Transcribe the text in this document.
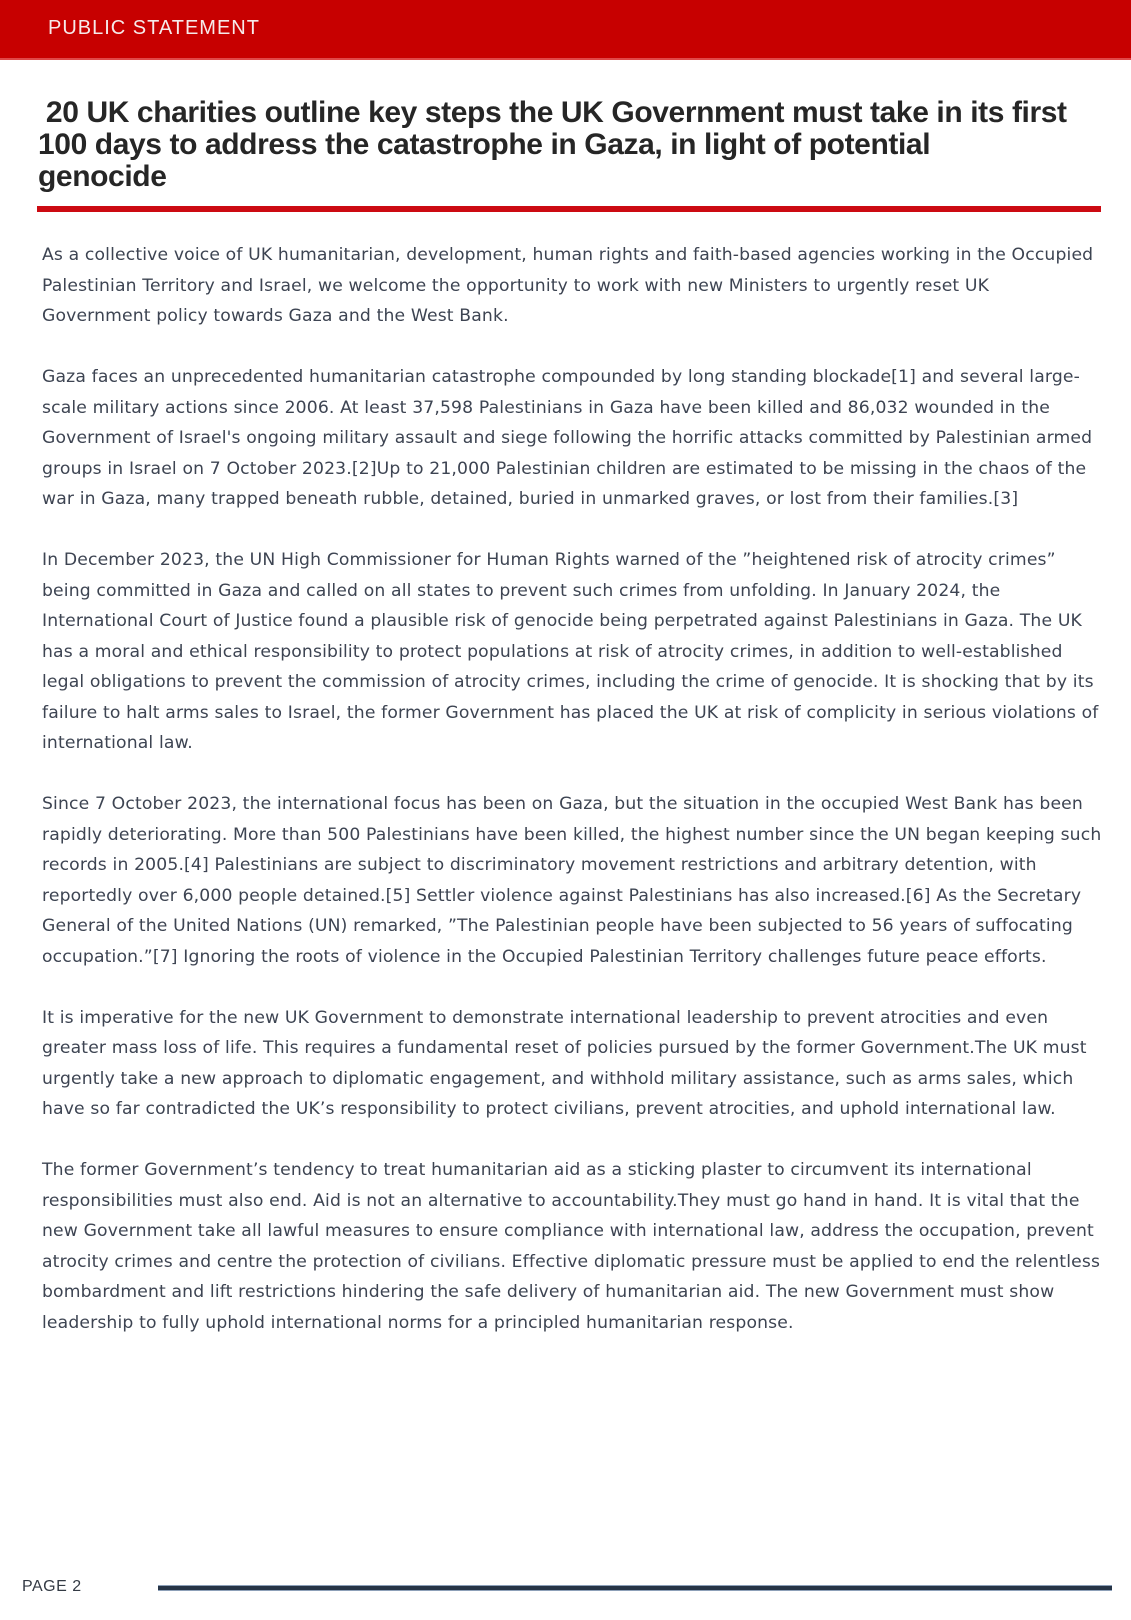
PUBLIC STATEMENT
20 UK charities outline key steps the UK Government must take in its first
100 days to address the catastrophe in Gaza, in light of potential
genocide

As a collective voice of UK humanitarian, development, human rights and faith-based agencies working in the Occupied Palestinian Territory and Israel, we welcome the opportunity to work with new Ministers to urgently reset UK Government policy towards Gaza and the West Bank.

Gaza faces an unprecedented humanitarian catastrophe compounded by long standing blockade[1] and several large-scale military actions since 2006. At least 37,598 Palestinians in Gaza have been killed and 86,032 wounded in the Government of Israel's ongoing military assault and siege following the horrific attacks committed by Palestinian armed groups in Israel on 7 October 2023.[2]Up to 21,000 Palestinian children are estimated to be missing in the chaos of the war in Gaza, many trapped beneath rubble, detained, buried in unmarked graves, or lost from their families.[3]

In December 2023, the UN High Commissioner for Human Rights warned of the ”heightened risk of atrocity crimes” being committed in Gaza and called on all states to prevent such crimes from unfolding. In January 2024, the International Court of Justice found a plausible risk of genocide being perpetrated against Palestinians in Gaza. The UK has a moral and ethical responsibility to protect populations at risk of atrocity crimes, in addition to well-established legal obligations to prevent the commission of atrocity crimes, including the crime of genocide. It is shocking that by its failure to halt arms sales to Israel, the former Government has placed the UK at risk of complicity in serious violations of international law.

Since 7 October 2023, the international focus has been on Gaza, but the situation in the occupied West Bank has been rapidly deteriorating. More than 500 Palestinians have been killed, the highest number since the UN began keeping such records in 2005.[4] Palestinians are subject to discriminatory movement restrictions and arbitrary detention, with reportedly over 6,000 people detained.[5] Settler violence against Palestinians has also increased.[6] As the Secretary General of the United Nations (UN) remarked, ”The Palestinian people have been subjected to 56 years of suffocating occupation.”[7] Ignoring the roots of violence in the Occupied Palestinian Territory challenges future peace efforts.

It is imperative for the new UK Government to demonstrate international leadership to prevent atrocities and even greater mass loss of life. This requires a fundamental reset of policies pursued by the former Government.The UK must urgently take a new approach to diplomatic engagement, and withhold military assistance, such as arms sales, which have so far contradicted the UK’s responsibility to protect civilians, prevent atrocities, and uphold international law.

The former Government’s tendency to treat humanitarian aid as a sticking plaster to circumvent its international responsibilities must also end. Aid is not an alternative to accountability.They must go hand in hand. It is vital that the new Government take all lawful measures to ensure compliance with international law, address the occupation, prevent atrocity crimes and centre the protection of civilians. Effective diplomatic pressure must be applied to end the relentless bombardment and lift restrictions hindering the safe delivery of humanitarian aid. The new Government must show leadership to fully uphold international norms for a principled humanitarian response.

PAGE 2
